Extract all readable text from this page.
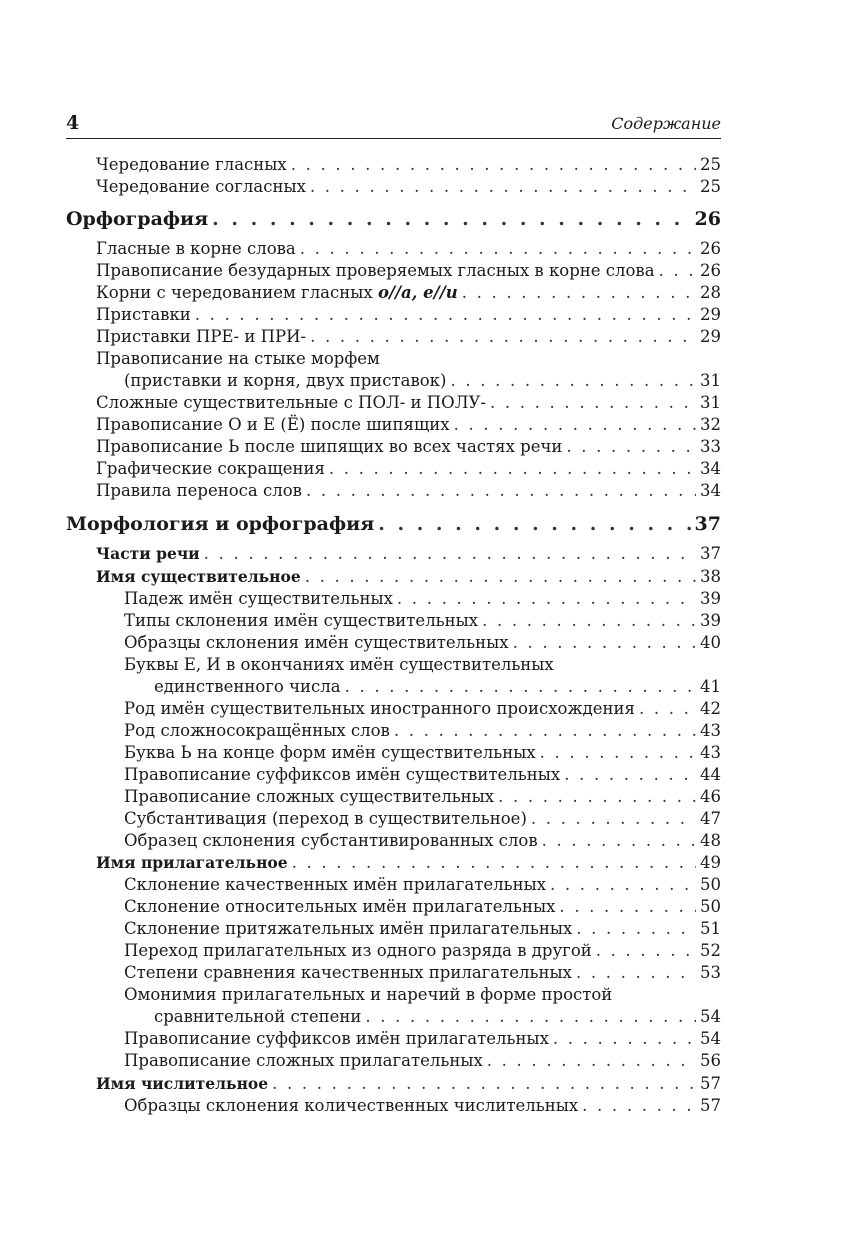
4	Содержание
Чередование гласных . . .	25
Чередование согласных . . .	25
Орфография . . .	26
Гласные в корне слова . . .	26
Правописание безударных проверяемых гласных в корне слова . . .	26
Корни с чередованием гласных о//а, е//и . . .	28
Приставки . . .	29
Приставки ПРЕ- и ПРИ- . . .	29
Правописание на стыке морфем
(приставки и корня, двух приставок) . . .	31
Сложные существительные с ПОЛ- и ПОЛУ- . . .	31
Правописание О и Е (Ё) после шипящих . . .	32
Правописание Ь после шипящих во всех частях речи . . .	33
Графические сокращения . . .	34
Правила переноса слов . . .	34
Морфология и орфография . . .	37
Части речи . . .	37
Имя существительное . . .	38
Падеж имён существительных . . .	39
Типы склонения имён существительных . . .	39
Образцы склонения имён существительных . . .	40
Буквы Е, И в окончаниях имён существительных
единственного числа . . .	41
Род имён существительных иностранного происхождения . . .	42
Род сложносокращённых слов . . .	43
Буква Ь на конце форм имён существительных . . .	43
Правописание суффиксов имён существительных . . .	44
Правописание сложных существительных . . .	46
Субстантивация (переход в существительное) . . .	47
Образец склонения субстантивированных слов . . .	48
Имя прилагательное . . .	49
Склонение качественных имён прилагательных . . .	50
Склонение относительных имён прилагательных . . .	50
Склонение притяжательных имён прилагательных . . .	51
Переход прилагательных из одного разряда в другой . . .	52
Степени сравнения качественных прилагательных . . .	53
Омонимия прилагательных и наречий в форме простой
сравнительной степени . . .	54
Правописание суффиксов имён прилагательных . . .	54
Правописание сложных прилагательных . . .	56
Имя числительное . . .	57
Образцы склонения количественных числительных . . .	57
